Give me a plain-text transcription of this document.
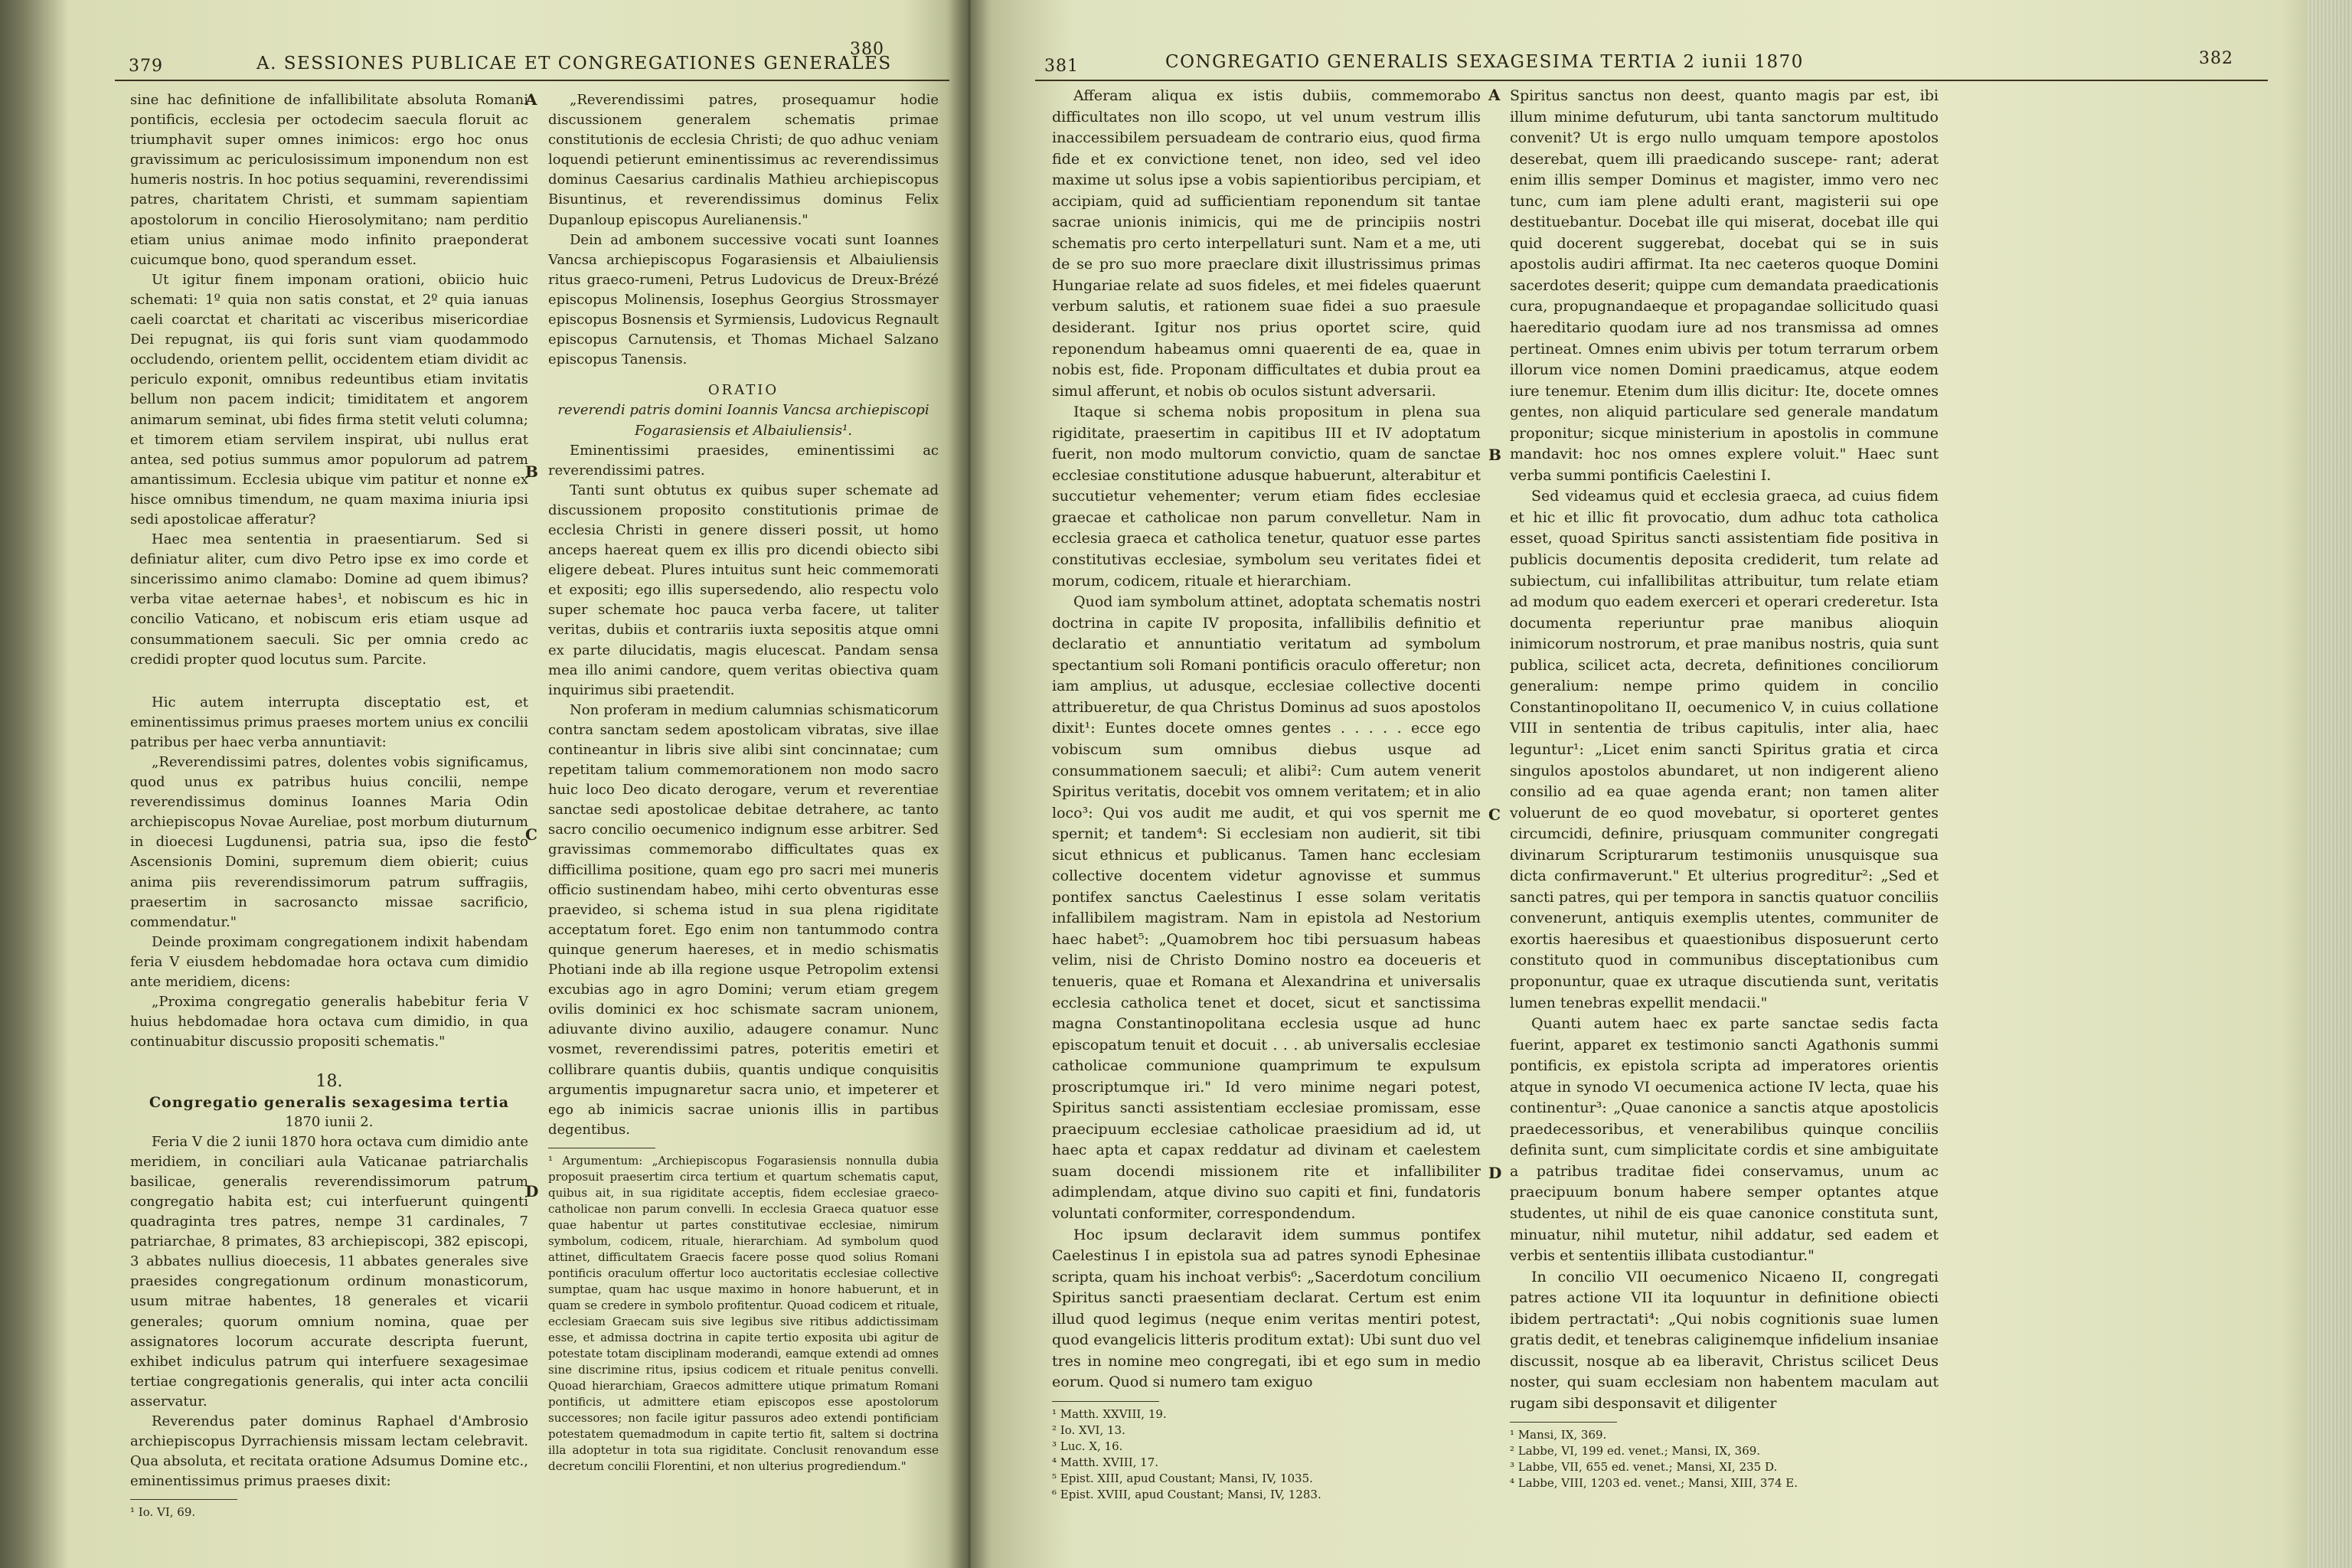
379	A. SESSIONES PUBLICAE ET CONGREGATIONES GENERALES
380

sine hac definitione de infallibilitate absoluta Romani pontificis, ecclesia per octodecim saecula floruit ac triumphavit super omnes inimicos: ergo hoc onus gravissimum ac periculosissimum imponendum non est humeris nostris. In hoc potius sequamini, reverendissimi patres, charitatem Christi, et summam sapientiam apostolorum in concilio Hierosolymitano; nam perditio etiam unius animae modo infinito praeponderat cuicumque bono, quod sperandum esset.

Ut igitur finem imponam orationi, obiicio huic schemati: 1º quia non satis constat, et 2º quia ianuas caeli coarctat et charitati ac visceribus misericordiae Dei repugnat, iis qui foris sunt viam quodammodo occludendo, orientem pellit, occidentem etiam dividit ac periculo exponit, omnibus redeuntibus etiam invitatis bellum non pacem indicit; timiditatem et angorem animarum seminat, ubi fides firma stetit veluti columna; et timorem etiam servilem inspirat, ubi nullus erat antea, sed potius summus amor populorum ad patrem amantissimum. Ecclesia ubique vim patitur et nonne ex hisce omnibus timendum, ne quam maxima iniuria ipsi sedi apostolicae afferatur?

Haec mea sententia in praesentiarum. Sed si definiatur aliter, cum divo Petro ipse ex imo corde et sincerissimo animo clamabo: Domine ad quem ibimus? verba vitae aeternae habes¹, et nobiscum es hic in concilio Vaticano, et nobiscum eris etiam usque ad consummationem saeculi. Sic per omnia credo ac credidi propter quod locutus sum. Parcite.

Hic autem interrupta disceptatio est, et eminentissimus primus praeses mortem unius ex concilii patribus per haec verba annuntiavit:

„Reverendissimi patres, dolentes vobis significamus, quod unus ex patribus huius concilii, nempe reverendissimus dominus Ioannes Maria Odin archiepiscopus Novae Aureliae, post morbum diuturnum in dioecesi Lugdunensi, patria sua, ipso die festo Ascensionis Domini, supremum diem obierit; cuius anima piis reverendissimorum patrum suffragiis, praesertim in sacrosancto missae sacrificio, commendatur."

Deinde proximam congregationem indixit habendam feria V eiusdem hebdomadae hora octava cum dimidio ante meridiem, dicens:

„Proxima congregatio generalis habebitur feria V huius hebdomadae hora octava cum dimidio, in qua continuabitur discussio propositi schematis."

18.
Congregatio generalis sexagesima tertia
1870 iunii 2.

Feria V die 2 iunii 1870 hora octava cum dimidio ante meridiem, in conciliari aula Vaticanae patriarchalis basilicae, generalis reverendissimorum patrum congregatio habita est; cui interfuerunt quingenti quadraginta tres patres, nempe 31 cardinales, 7 patriarchae, 8 primates, 83 archiepiscopi, 382 episcopi, 3 abbates nullius dioecesis, 11 abbates generales sive praesides congregationum ordinum monasticorum, usum mitrae habentes, 18 generales et vicarii generales; quorum omnium nomina, quae per assignatores locorum accurate descripta fuerunt, exhibet indiculus patrum qui interfuere sexagesimae tertiae congregationis generalis, qui inter acta concilii asservatur.

Reverendus pater dominus Raphael d'Ambrosio archiepiscopus Dyrrachiensis missam lectam celebravit. Qua absoluta, et recitata oratione Adsumus Domine etc., eminentissimus primus praeses dixit:

¹ Io. VI, 69.

„Reverendissimi patres, prosequamur hodie discussionem generalem schematis primae constitutionis de ecclesia Christi; de quo adhuc veniam loquendi petierunt eminentissimus ac reverendissimus dominus Caesarius cardinalis Mathieu archiepiscopus Bisuntinus, et reverendissimus dominus Felix Dupanloup episcopus Aurelianensis."

Dein ad ambonem successive vocati sunt Ioannes Vancsa archiepiscopus Fogarasiensis et Albaiuliensis ritus graeco-rumeni, Petrus Ludovicus de Dreux-Brézé episcopus Molinensis, Iosephus Georgius Strossmayer episcopus Bosnensis et Syrmiensis, Ludovicus Regnault episcopus Carnutensis, et Thomas Michael Salzano episcopus Tanensis.

ORATIO
reverendi patris domini Ioannis Vancsa archiepiscopi Fogarasiensis et Albaiuliensis¹.

Eminentissimi praesides, eminentissimi ac reverendissimi patres.

Tanti sunt obtutus ex quibus super schemate ad discussionem proposito constitutionis primae de ecclesia Christi in genere disseri possit, ut homo anceps haereat quem ex illis pro dicendi obiecto sibi eligere debeat. Plures intuitus sunt heic commemorati et expositi; ego illis supersedendo, alio respectu volo super schemate hoc pauca verba facere, ut taliter veritas, dubiis et contrariis iuxta sepositis atque omni ex parte dilucidatis, magis elucescat. Pandam sensa mea illo animi candore, quem veritas obiectiva quam inquirimus sibi praetendit.

Non proferam in medium calumnias schismaticorum contra sanctam sedem apostolicam vibratas, sive illae contineantur in libris sive alibi sint concinnatae; cum repetitam talium commemorationem non modo sacro huic loco Deo dicato derogare, verum et reverentiae sanctae sedi apostolicae debitae detrahere, ac tanto sacro concilio oecumenico indignum esse arbitrer. Sed gravissimas commemorabo difficultates quas ex difficillima positione, quam ego pro sacri mei muneris officio sustinendam habeo, mihi certo obventuras esse praevideo, si schema istud in sua plena rigiditate acceptatum foret. Ego enim non tantummodo contra quinque generum haereses, et in medio schismatis Photiani inde ab illa regione usque Petropolim extensi excubias ago in agro Domini; verum etiam gregem ovilis dominici ex hoc schismate sacram unionem, adiuvante divino auxilio, adaugere conamur. Nunc vosmet, reverendissimi patres, poteritis emetiri et collibrare quantis dubiis, quantis undique conquisitis argumentis impugnaretur sacra unio, et impeterer et ego ab inimicis sacrae unionis illis in partibus degentibus.

¹ Argumentum: „Archiepiscopus Fogarasiensis nonnulla dubia proposuit praesertim circa tertium et quartum schematis caput, quibus ait, in sua rigiditate acceptis, fidem ecclesiae graeco-catholicae non parum convelli. In ecclesia Graeca quatuor esse quae habentur ut partes constitutivae ecclesiae, nimirum symbolum, codicem, rituale, hierarchiam. Ad symbolum quod attinet, difficultatem Graecis facere posse quod solius Romani pontificis oraculum offertur loco auctoritatis ecclesiae collective sumptae, quam hac usque maximo in honore habuerunt, et in quam se credere in symbolo profitentur. Quoad codicem et rituale, ecclesiam Graecam suis sive legibus sive ritibus addictissimam esse, et admissa doctrina in capite tertio exposita ubi agitur de potestate totam disciplinam moderandi, eamque extendi ad omnes sine discrimine ritus, ipsius codicem et rituale penitus convelli. Quoad hierarchiam, Graecos admittere utique primatum Romani pontificis, ut admittere etiam episcopos esse apostolorum successores; non facile igitur passuros adeo extendi pontificiam potestatem quemadmodum in capite tertio fit, saltem si doctrina illa adoptetur in tota sua rigiditate. Conclusit renovandum esse decretum concilii Florentini, et non ulterius progrediendum."
A
B
C
D
381	CONGREGATIO GENERALIS SEXAGESIMA TERTIA 2 iunii 1870	382

Afferam aliqua ex istis dubiis, commemorabo difficultates non illo scopo, ut vel unum vestrum illis inaccessibilem persuadeam de contrario eius, quod firma fide et ex convictione tenet, non ideo, sed vel ideo maxime ut solus ipse a vobis sapientioribus percipiam, et accipiam, quid ad sufficientiam reponendum sit tantae sacrae unionis inimicis, qui me de principiis nostri schematis pro certo interpellaturi sunt. Nam et a me, uti de se pro suo more praeclare dixit illustrissimus primas Hungariae relate ad suos fideles, et mei fideles quaerunt verbum salutis, et rationem suae fidei a suo praesule desiderant. Igitur nos prius oportet scire, quid reponendum habeamus omni quaerenti de ea, quae in nobis est, fide. Proponam difficultates et dubia prout ea simul afferunt, et nobis ob oculos sistunt adversarii.

Itaque si schema nobis propositum in plena sua rigiditate, praesertim in capitibus III et IV adoptatum fuerit, non modo multorum convictio, quam de sanctae ecclesiae constitutione adusque habuerunt, alterabitur et succutietur vehementer; verum etiam fides ecclesiae graecae et catholicae non parum convelletur. Nam in ecclesia graeca et catholica tenetur, quatuor esse partes constitutivas ecclesiae, symbolum seu veritates fidei et morum, codicem, rituale et hierarchiam.

Quod iam symbolum attinet, adoptata schematis nostri doctrina in capite IV proposita, infallibilis definitio et declaratio et annuntiatio veritatum ad symbolum spectantium soli Romani pontificis oraculo offeretur; non iam amplius, ut adusque, ecclesiae collective docenti attribueretur, de qua Christus Dominus ad suos apostolos dixit¹: Euntes docete omnes gentes . . . . . ecce ego vobiscum sum omnibus diebus usque ad consummationem saeculi; et alibi²: Cum autem venerit Spiritus veritatis, docebit vos omnem veritatem; et in alio loco³: Qui vos audit me audit, et qui vos spernit me spernit; et tandem⁴: Si ecclesiam non audierit, sit tibi sicut ethnicus et publicanus. Tamen hanc ecclesiam collective docentem videtur agnovisse et summus pontifex sanctus Caelestinus I esse solam veritatis infallibilem magistram. Nam in epistola ad Nestorium haec habet⁵: „Quamobrem hoc tibi persuasum habeas velim, nisi de Christo Domino nostro ea doceueris et tenueris, quae et Romana et Alexandrina et universalis ecclesia catholica tenet et docet, sicut et sanctissima magna Constantinopolitana ecclesia usque ad hunc episcopatum tenuit et docuit . . . ab universalis ecclesiae catholicae communione quamprimum te expulsum proscriptumque iri." Id vero minime negari potest, Spiritus sancti assistentiam ecclesiae promissam, esse praecipuum ecclesiae catholicae praesidium ad id, ut haec apta et capax reddatur ad divinam et caelestem suam docendi missionem rite et infallibiliter adimplendam, atque divino suo capiti et fini, fundatoris voluntati conformiter, correspondendum.

Hoc ipsum declaravit idem summus pontifex Caelestinus I in epistola sua ad patres synodi Ephesinae scripta, quam his inchoat verbis⁶: „Sacerdotum concilium Spiritus sancti praesentiam declarat. Certum est enim illud quod legimus (neque enim veritas mentiri potest, quod evangelicis litteris proditum extat): Ubi sunt duo vel tres in nomine meo congregati, ibi et ego sum in medio eorum. Quod si numero tam exiguo

¹ Matth. XXVIII, 19.
² Io. XVI, 13.
³ Luc. X, 16.
⁴ Matth. XVIII, 17.
⁵ Epist. XIII, apud Coustant; Mansi, IV, 1035.
⁶ Epist. XVIII, apud Coustant; Mansi, IV, 1283.

Spiritus sanctus non deest, quanto magis par est, ibi illum minime defuturum, ubi tanta sanctorum multitudo convenit? Ut is ergo nullo umquam tempore apostolos deserebat, quem illi praedicando suscepe- rant; aderat enim illis semper Dominus et magister, immo vero nec tunc, cum iam plene adulti erant, magisterii sui ope destituebantur. Docebat ille qui miserat, docebat ille qui quid docerent suggerebat, docebat qui se in suis apostolis audiri affirmat. Ita nec caeteros quoque Domini sacerdotes deserit; quippe cum demandata praedicationis cura, propugnandaeque et propagandae sollicitudo quasi haereditario quodam iure ad nos transmissa ad omnes pertineat. Omnes enim ubivis per totum terrarum orbem illorum vice nomen Domini praedicamus, atque eodem iure tenemur. Etenim dum illis dicitur: Ite, docete omnes gentes, non aliquid particulare sed generale mandatum proponitur; sicque ministerium in apostolis in commune mandavit: hoc nos omnes explere voluit." Haec sunt verba summi pontificis Caelestini I.

Sed videamus quid et ecclesia graeca, ad cuius fidem et hic et illic fit provocatio, dum adhuc tota catholica esset, quoad Spiritus sancti assistentiam fide positiva in publicis documentis deposita crediderit, tum relate ad subiectum, cui infallibilitas attribuitur, tum relate etiam ad modum quo eadem exerceri et operari crederetur. Ista documenta reperiuntur prae manibus alioquin inimicorum nostrorum, et prae manibus nostris, quia sunt publica, scilicet acta, decreta, definitiones conciliorum generalium: nempe primo quidem in concilio Constantinopolitano II, oecumenico V, in cuius collatione VIII in sententia de tribus capitulis, inter alia, haec leguntur¹: „Licet enim sancti Spiritus gratia et circa singulos apostolos abundaret, ut non indigerent alieno consilio ad ea quae agenda erant; non tamen aliter voluerunt de eo quod movebatur, si oporteret gentes circumcidi, definire, priusquam communiter congregati divinarum Scripturarum testimoniis unusquisque sua dicta confirmaverunt." Et ulterius progreditur²: „Sed et sancti patres, qui per tempora in sanctis quatuor conciliis convenerunt, antiquis exemplis utentes, communiter de exortis haeresibus et quaestionibus disposuerunt certo constituto quod in communibus disceptationibus cum proponuntur, quae ex utraque discutienda sunt, veritatis lumen tenebras expellit mendacii."

Quanti autem haec ex parte sanctae sedis facta fuerint, apparet ex testimonio sancti Agathonis summi pontificis, ex epistola scripta ad imperatores orientis atque in synodo VI oecumenica actione IV lecta, quae his continentur³: „Quae canonice a sanctis atque apostolicis praedecessoribus, et venerabilibus quinque conciliis definita sunt, cum simplicitate cordis et sine ambiguitate a patribus traditae fidei conservamus, unum ac praecipuum bonum habere semper optantes atque studentes, ut nihil de eis quae canonice constituta sunt, minuatur, nihil mutetur, nihil addatur, sed eadem et verbis et sententiis illibata custodiantur."

In concilio VII oecumenico Nicaeno II, congregati patres actione VII ita loquuntur in definitione obiecti ibidem pertractati⁴: „Qui nobis cognitionis suae lumen gratis dedit, et tenebras caliginemque infidelium insaniae discussit, nosque ab ea liberavit, Christus scilicet Deus noster, qui suam ecclesiam non habentem maculam aut rugam sibi desponsavit et diligenter

¹ Mansi, IX, 369.
² Labbe, VI, 199 ed. venet.; Mansi, IX, 369.
³ Labbe, VII, 655 ed. venet.; Mansi, XI, 235 D.
⁴ Labbe, VIII, 1203 ed. venet.; Mansi, XIII, 374 E.
A
B
C
D
